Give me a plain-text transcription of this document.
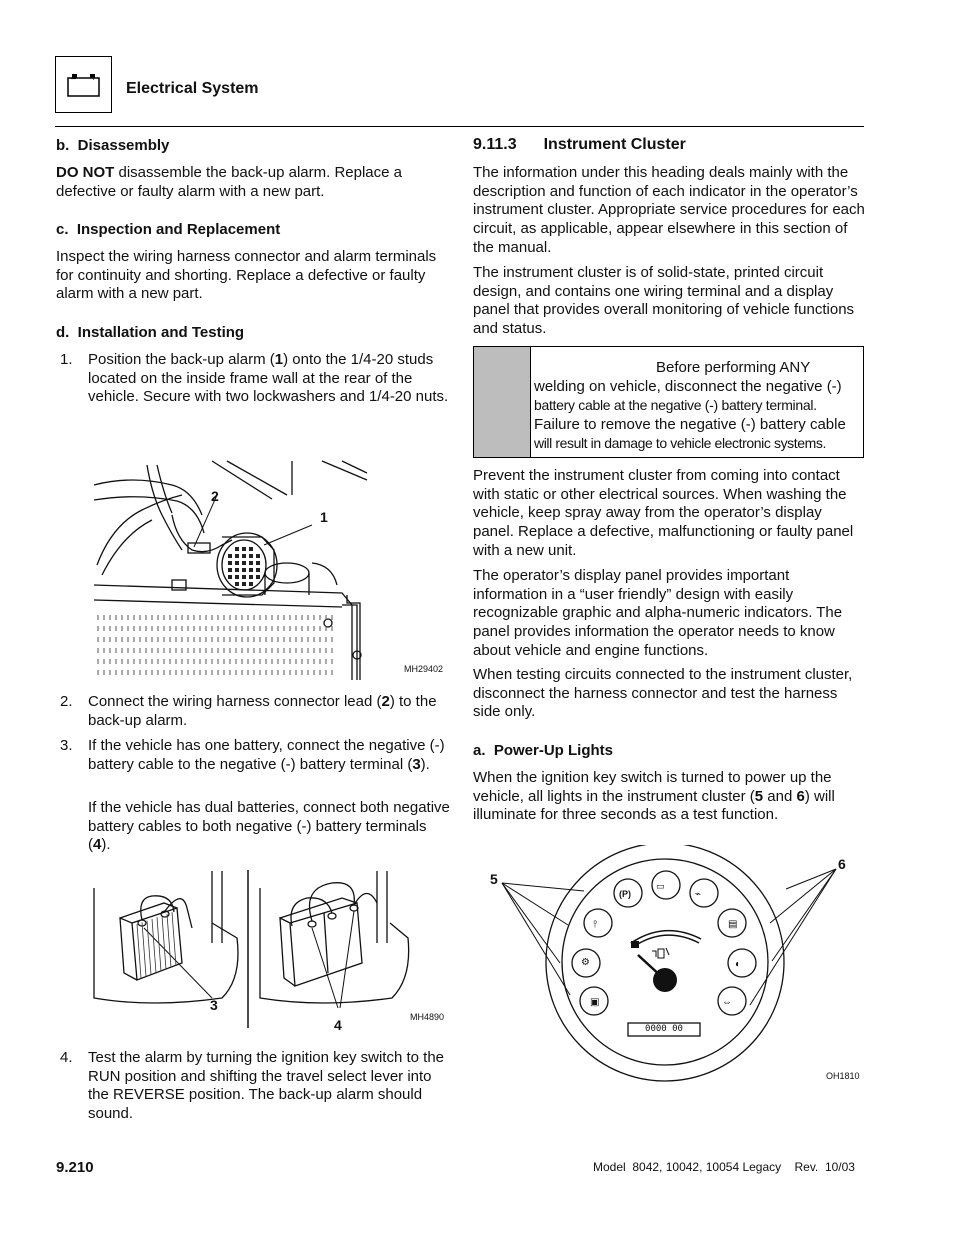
– +
Electrical System
b.  Disassembly

DO NOT disassemble the back-up alarm. Replace a defective or faulty alarm with a new part.

c.  Inspection and Replacement

Inspect the wiring harness connector and alarm terminals for continuity and shorting. Replace a defective or faulty alarm with a new part.

d.  Installation and Testing
1.	Position the back-up alarm (1) onto the 1/4-20 studs located on the inside frame wall at the rear of the vehicle. Secure with two lockwashers and 1/4-20 nuts.
2
1
MH29402
2.	Connect the wiring harness connector lead (2) to the back-up alarm.
3.	If the vehicle has one battery, connect the negative (-) battery cable to the negative (-) battery terminal (3).
If the vehicle has dual batteries, connect both negative battery cables to both negative (-) battery terminals (4).
3
4	MH4890
4.	Test the alarm by turning the ignition key switch to the RUN position and shifting the travel select lever into the REVERSE position. The back-up alarm should sound.
9.11.3 Instrument Cluster

The information under this heading deals mainly with the description and function of each indicator in the operator’s instrument cluster. Appropriate service procedures for each circuit, as applicable, appear elsewhere in this section of the manual.

The instrument cluster is of solid-state, printed circuit design, and contains one wiring terminal and a display panel that provides overall monitoring of vehicle functions and status.

Before performing ANY
welding on vehicle, disconnect the negative (-)
battery cable at the negative (-) battery terminal.
Failure to remove the negative (-) battery cable
will result in damage to vehicle electronic systems.

Prevent the instrument cluster from coming into contact with static or other electrical sources. When washing the vehicle, keep spray away from the operator’s display panel. Replace a defective, malfunctioning or faulty panel with a new unit.

The operator’s display panel provides important information in a “user friendly” design with easily recognizable graphic and alpha-numeric indicators. The panel provides information the operator needs to know about vehicle and engine functions.

When testing circuits connected to the instrument cluster, disconnect the harness connector and test the harness side only.

a.  Power-Up Lights

When the ignition key switch is turned to power up the vehicle, all lights in the instrument cluster (5 and 6) will illuminate for three seconds as a test function.

5
6
0000 00
OH1810
(P)
▭
⌁
⫯
⚙
▣
▤
◐
⇔
9.210	Model  8042, 10042, 10054 Legacy    Rev.  10/03
